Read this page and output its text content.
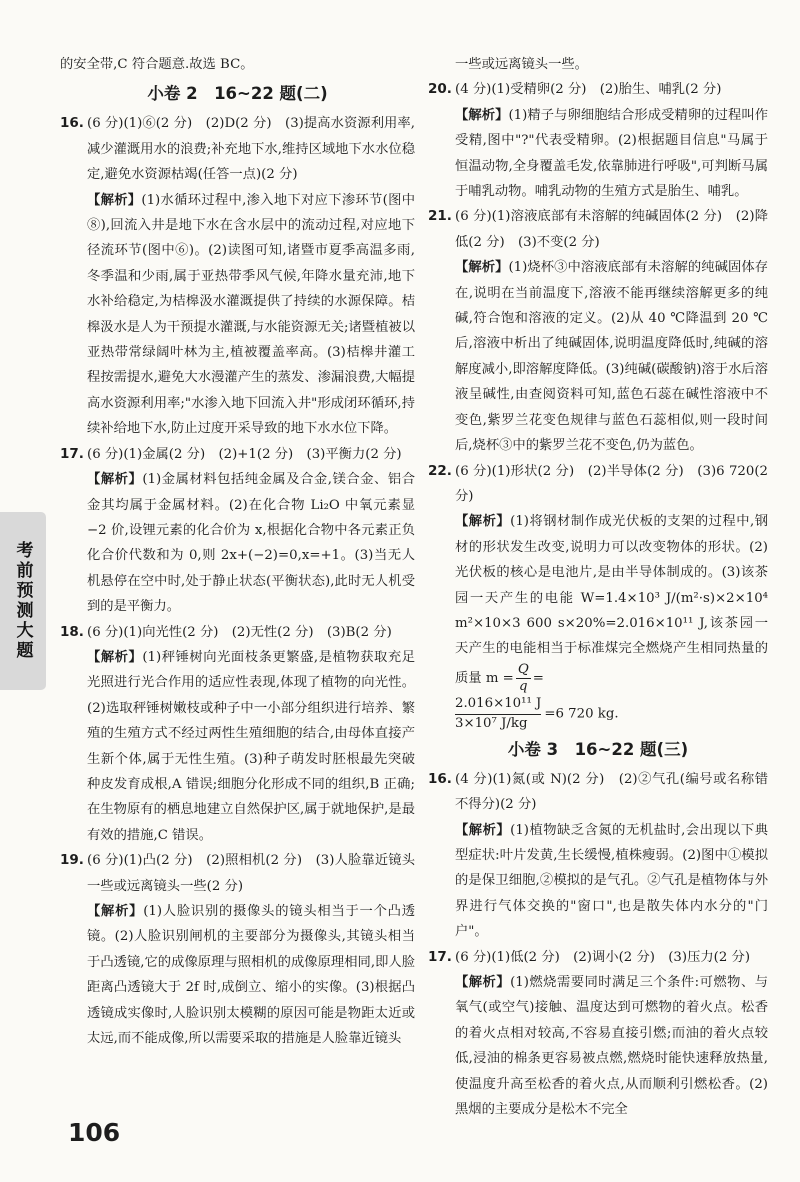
考前预测大题

的安全带,C 符合题意.故选 BC。

小卷 2　16~22 题(二)
16. (6 分)(1)⑥(2 分)　(2)D(2 分)　(3)提高水资源利用率,减少灌溉用水的浪费;补充地下水,维持区域地下水水位稳定,避免水资源枯竭(任答一点)(2 分)

【解析】(1)水循环过程中,渗入地下对应下渗环节(图中⑧),回流入井是地下水在含水层中的流动过程,对应地下径流环节(图中⑥)。(2)读图可知,诸暨市夏季高温多雨,冬季温和少雨,属于亚热带季风气候,年降水量充沛,地下水补给稳定,为桔槔汲水灌溉提供了持续的水源保障。桔槔汲水是人为干预提水灌溉,与水能资源无关;诸暨植被以亚热带常绿阔叶林为主,植被覆盖率高。(3)桔槔井灌工程按需提水,避免大水漫灌产生的蒸发、渗漏浪费,大幅提高水资源利用率;"水渗入地下回流入井"形成闭环循环,持续补给地下水,防止过度开采导致的地下水水位下降。

17. (6 分)(1)金属(2 分)　(2)+1(2 分)　(3)平衡力(2 分)

【解析】(1)金属材料包括纯金属及合金,镁合金、铝合金其均属于金属材料。(2)在化合物 Li₂O 中氧元素显−2 价,设锂元素的化合价为 x,根据化合物中各元素正负化合价代数和为 0,则 2x+(−2)=0,x=+1。(3)当无人机悬停在空中时,处于静止状态(平衡状态),此时无人机受到的是平衡力。

18. (6 分)(1)向光性(2 分)　(2)无性(2 分)　(3)B(2 分)

【解析】(1)秤锤树向光面枝条更繁盛,是植物获取充足光照进行光合作用的适应性表现,体现了植物的向光性。(2)选取秤锤树嫩枝或种子中一小部分组织进行培养、繁殖的生殖方式不经过两性生殖细胞的结合,由母体直接产生新个体,属于无性生殖。(3)种子萌发时胚根最先突破种皮发育成根,A 错误;细胞分化形成不同的组织,B 正确;在生物原有的栖息地建立自然保护区,属于就地保护,是最有效的措施,C 错误。

19. (6 分)(1)凸(2 分)　(2)照相机(2 分)　(3)人脸靠近镜头一些或远离镜头一些(2 分)

【解析】(1)人脸识别的摄像头的镜头相当于一个凸透镜。(2)人脸识别闸机的主要部分为摄像头,其镜头相当于凸透镜,它的成像原理与照相机的成像原理相同,即人脸距离凸透镜大于 2f 时,成倒立、缩小的实像。(3)根据凸透镜成实像时,人脸识别太模糊的原因可能是物距太近或太远,而不能成像,所以需要采取的措施是人脸靠近镜头

一些或远离镜头一些。

20. (4 分)(1)受精卵(2 分)　(2)胎生、哺乳(2 分)

【解析】(1)精子与卵细胞结合形成受精卵的过程叫作受精,图中"?"代表受精卵。(2)根据题目信息"马属于恒温动物,全身覆盖毛发,依靠肺进行呼吸",可判断马属于哺乳动物。哺乳动物的生殖方式是胎生、哺乳。

21. (6 分)(1)溶液底部有未溶解的纯碱固体(2 分)　(2)降低(2 分)　(3)不变(2 分)

【解析】(1)烧杯③中溶液底部有未溶解的纯碱固体存在,说明在当前温度下,溶液不能再继续溶解更多的纯碱,符合饱和溶液的定义。(2)从 40 ℃降温到 20 ℃后,溶液中析出了纯碱固体,说明温度降低时,纯碱的溶解度减小,即溶解度降低。(3)纯碱(碳酸钠)溶于水后溶液呈碱性,由查阅资料可知,蓝色石蕊在碱性溶液中不变色,紫罗兰花变色规律与蓝色石蕊相似,则一段时间后,烧杯③中的紫罗兰花不变色,仍为蓝色。

22. (6 分)(1)形状(2 分)　(2)半导体(2 分)　(3)6 720(2 分)

【解析】(1)将钢材制作成光伏板的支架的过程中,钢材的形状发生改变,说明力可以改变物体的形状。(2)光伏板的核心是电池片,是由半导体制成的。(3)该茶园一天产生的电能 W=1.4×10³ J/(m²·s)×2×10⁴ m²×10×3 600 s×20%=2.016×10¹¹ J,该茶园一天产生的电能相当于标准煤完全燃烧产生相同热量的质量 $m = \frac{Q}{q}$ =

$\frac{\text{2.016×10¹¹ J}}{\text{3×10⁷ J/kg}} =6$ 720 kg.

小卷 3　16~22 题(三)
16. (4 分)(1)氮(或 N)(2 分)　(2)②气孔(编号或名称错不得分)(2 分)

【解析】(1)植物缺乏含氮的无机盐时,会出现以下典型症状:叶片发黄,生长缓慢,植株瘦弱。(2)图中①模拟的是保卫细胞,②模拟的是气孔。②气孔是植物体与外界进行气体交换的"窗口",也是散失体内水分的"门户"。

17. (6 分)(1)低(2 分)　(2)调小(2 分)　(3)压力(2 分)

【解析】(1)燃烧需要同时满足三个条件:可燃物、与氧气(或空气)接触、温度达到可燃物的着火点。松香的着火点相对较高,不容易直接引燃;而油的着火点较低,浸油的棉条更容易被点燃,燃烧时能快速释放热量,使温度升高至松香的着火点,从而顺利引燃松香。(2)黑烟的主要成分是松木不完全

106
